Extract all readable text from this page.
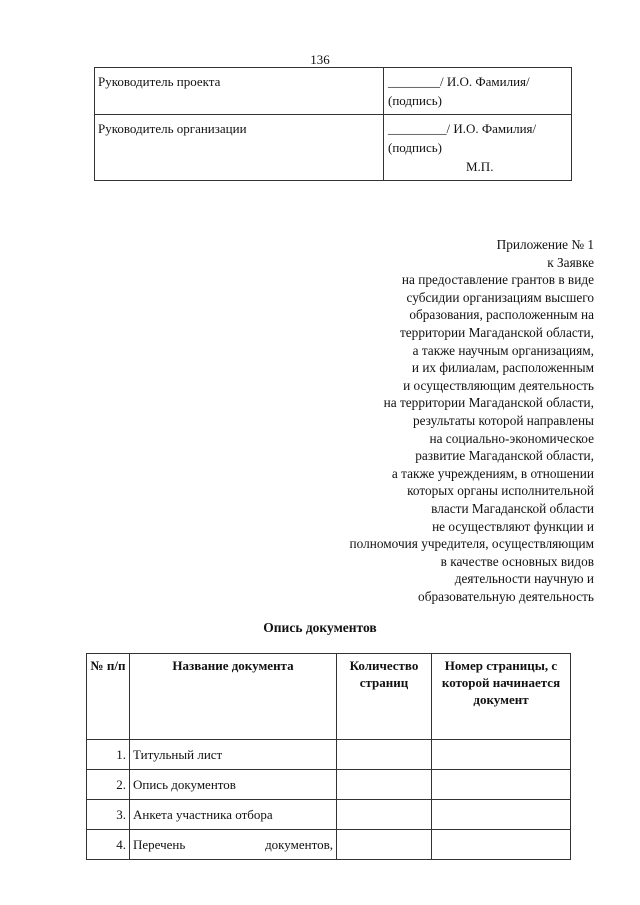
136
Руководитель проекта	________/ И.О. Фамилия/
(подпись)

Руководитель организации	_________/ И.О. Фамилия/
(подпись)
М.П.
Приложение № 1
к Заявке
на предоставление грантов в виде
субсидии организациям высшего
образования, расположенным на
территории Магаданской области,
а также научным организациям,
и их филиалам, расположенным
и осуществляющим деятельность
на территории Магаданской области,
результаты которой направлены
на социально-экономическое
развитие Магаданской области,
а также учреждениям, в отношении
которых органы исполнительной
власти Магаданской области
не осуществляют функции и
полномочия учредителя, осуществляющим
в качестве основных видов
деятельности научную и
образовательную деятельность
Опись документов
№ п/п	Название документа	Количество страниц	Номер страницы, с которой начинается документ
1.	Титульный лист		
2.	Опись документов		
3.	Анкета участника отбора		
4.	Перечень документов,		
